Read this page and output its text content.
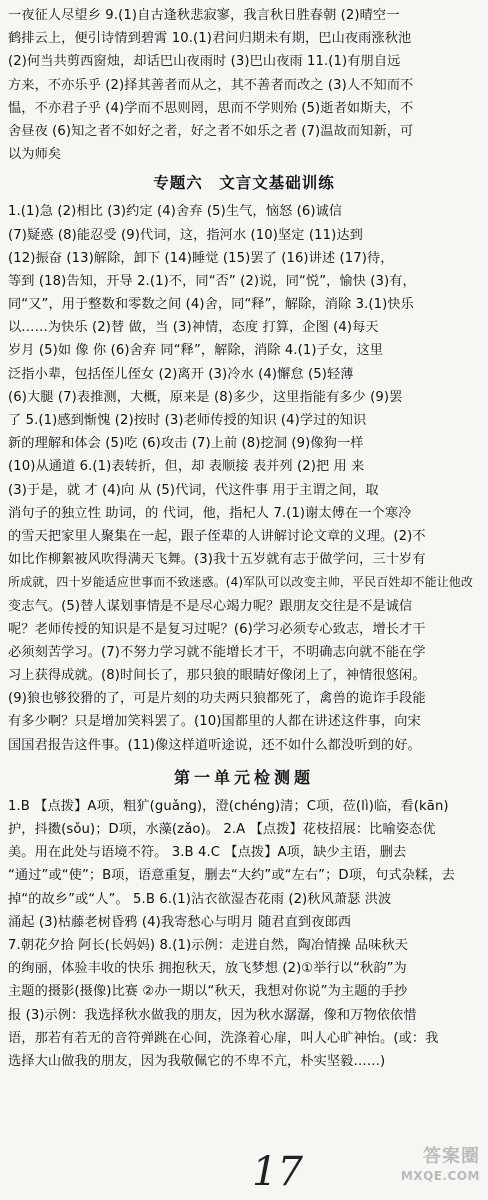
一夜征人尽望乡 9.(1)自古逢秋悲寂寥，我言秋日胜春朝 (2)晴空一
鹤排云上，便引诗情到碧霄 10.(1)君问归期未有期，巴山夜雨涨秋池
(2)何当共剪西窗烛，却话巴山夜雨时 (3)巴山夜雨 11.(1)有朋自远
方来，不亦乐乎 (2)择其善者而从之，其不善者而改之 (3)人不知而不
愠，不亦君子乎 (4)学而不思则罔，思而不学则殆 (5)逝者如斯夫，不
舍昼夜 (6)知之者不如好之者，好之者不如乐之者 (7)温故而知新，可
以为师矣
专题六　文言文基础训练
1.(1)急 (2)相比 (3)约定 (4)舍弃 (5)生气，恼怒 (6)诚信
(7)疑惑 (8)能忍受 (9)代词，这，指河水 (10)坚定 (11)达到
(12)振奋 (13)解除，卸下 (14)睡觉 (15)罢了 (16)讲述 (17)待，
等到 (18)告知，开导 2.(1)不，同“否” (2)说，同“悦”，愉快 (3)有，
同“又”，用于整数和零数之间 (4)舍，同“释”，解除，消除 3.(1)快乐
以……为快乐 (2)替 做，当 (3)神情，态度 打算，企图 (4)每天
岁月 (5)如 像 你 (6)舍弃 同“释”，解除，消除 4.(1)子女，这里
泛指小辈，包括侄儿侄女 (2)离开 (3)冷水 (4)懈怠 (5)轻薄
(6)大腿 (7)表推测，大概，原来是 (8)多少，这里指能有多少 (9)罢
了 5.(1)感到惭愧 (2)按时 (3)老师传授的知识 (4)学过的知识
新的理解和体会 (5)吃 (6)攻击 (7)上前 (8)挖洞 (9)像狗一样
(10)从通道 6.(1)表转折，但，却 表顺接 表并列 (2)把 用 来
(3)于是，就 才 (4)向 从 (5)代词，代这件事 用于主谓之间，取
消句子的独立性 助词，的 代词，他，指杞人 7.(1)谢太傅在一个寒冷
的雪天把家里人聚集在一起，跟子侄辈的人讲解讨论文章的义理。(2)不
如比作柳絮被风吹得满天飞舞。(3)我十五岁就有志于做学问，三十岁有
所成就，四十岁能适应世事而不致迷惑。(4)军队可以改变主帅，平民百姓却不能让他改
变志气。(5)替人谋划事情是不是尽心竭力呢？跟朋友交往是不是诚信
呢？老师传授的知识是不是复习过呢？(6)学习必须专心致志，增长才干
必须刻苦学习。(7)不努力学习就不能增长才干，不明确志向就不能在学
习上获得成就。(8)时间长了，那只狼的眼睛好像闭上了，神情很悠闲。
(9)狼也够狡猾的了，可是片刻的功夫两只狼都死了，禽兽的诡诈手段能
有多少啊？只是增加笑料罢了。(10)国都里的人都在讲述这件事，向宋
国国君报告这件事。(11)像这样道听途说，还不如什么都没听到的好。
第一单元检测题
1.B 【点拨】A项，粗犷(guǎng)，澄(chéng)清；C项，莅(lì)临，看(kān)
护，抖擞(sǒu)；D项，水藻(zǎo)。 2.A 【点拨】花枝招展：比喻姿态优
美。用在此处与语境不符。 3.B 4.C 【点拨】A项，缺少主语，删去
“通过”或“使”；B项，语意重复，删去“大约”或“左右”；D项，句式杂糅，去
掉“的故乡”或“人”。 5.B 6.(1)沾衣欲湿杏花雨 (2)秋风萧瑟 洪波
涌起 (3)枯藤老树昏鸦 (4)我寄愁心与明月 随君直到夜郎西
7.朝花夕拾 阿长(长妈妈) 8.(1)示例：走进自然，陶冶情操 品味秋天
的绚丽，体验丰收的快乐 拥抱秋天，放飞梦想 (2)①举行以“秋韵”为
主题的摄影(摄像)比赛 ②办一期以“秋天，我想对你说”为主题的手抄
报 (3)示例：我选择秋水做我的朋友，因为秋水潺潺，像和万物依依惜
语，那若有若无的音符弹跳在心间，洗涤着心扉，叫人心旷神怡。(或：我
选择大山做我的朋友，因为我敬佩它的不卑不亢，朴实坚毅……)
17	答案圈
MXQE.COM
